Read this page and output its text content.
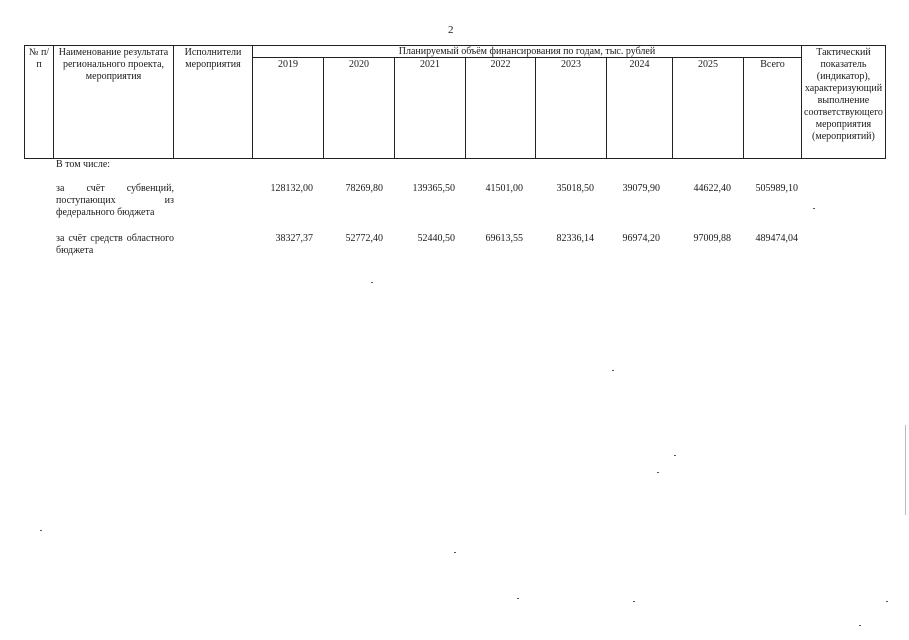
2
№ п/п	Наименование результата регионального проекта, мероприятия	Исполнители мероприятия	Планируемый объём финансирования по годам, тыс. рублей								Тактический показатель (индикатор), характеризующий выполнение соответствующего мероприятия (мероприятий)
			2019	2020	2021	2022	2023	2024	2025	Всего	
В том числе:
за счёт субвенций, поступающих из федерального бюджета
128132,00	78269,80	139365,50	41501,00	35018,50	39079,90	44622,40	505989,10
за счёт средств областного бюджета
38327,37	52772,40	52440,50	69613,55	82336,14	96974,20	97009,88	489474,04
